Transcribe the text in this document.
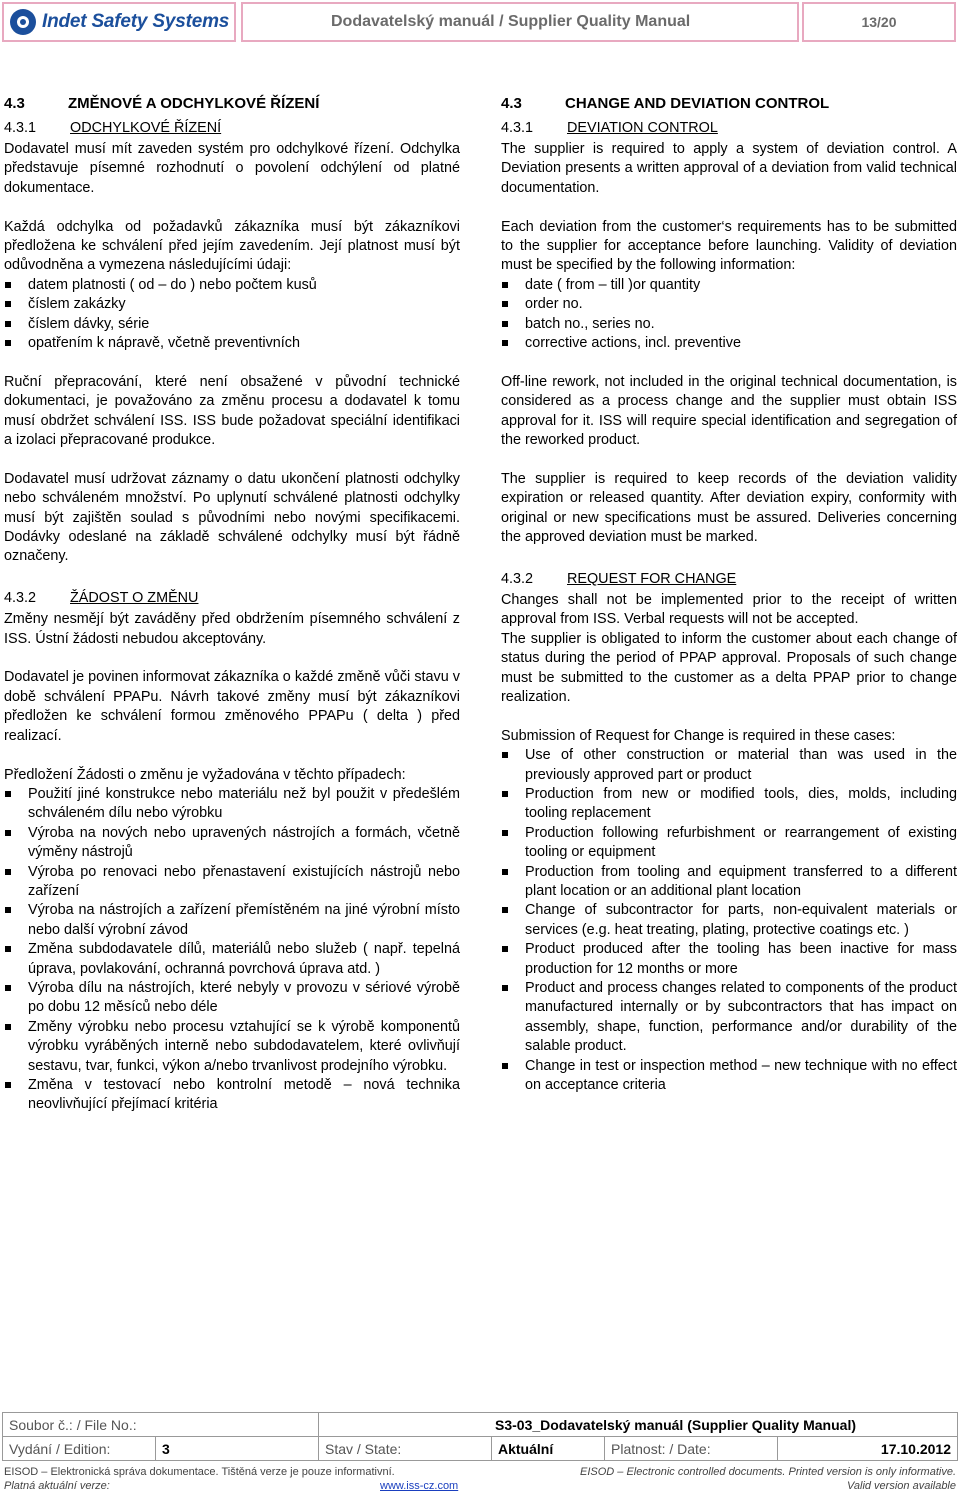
Indet Safety Systems	Dodavatelský manuál / Supplier Quality Manual	13/20
4.3	ZMĚNOVÉ A ODCHYLKOVÉ ŘÍZENÍ
4.3.1 ODCHYLKOVÉ ŘÍZENÍ

Dodavatel musí mít zaveden systém pro odchylkové řízení. Odchylka představuje písemné rozhodnutí o povolení odchýlení od platné dokumentace.

Každá odchylka od požadavků zákazníka musí být zákazníkovi předložena ke schválení před jejím zavedením. Její platnost musí být odůvodněna a vymezena následujícími údaji:

datem platnosti ( od – do ) nebo počtem kusů
číslem zakázky
číslem dávky, série
opatřením k nápravě, včetně preventivních

Ruční přepracování, které není obsažené v původní technické dokumentaci, je považováno za změnu procesu a dodavatel k tomu musí obdržet schválení ISS. ISS bude požadovat speciální identifikaci a izolaci přepracované produkce.

Dodavatel musí udržovat záznamy o datu ukončení platnosti odchylky nebo schváleném množství. Po uplynutí schválené platnosti odchylky musí být zajištěn soulad s původními nebo novými specifikacemi. Dodávky odeslané na základě schválené odchylky musí být řádně označeny.

4.3.2 ŽÁDOST O ZMĚNU

Změny nesmějí být zaváděny před obdržením písemného schválení z ISS. Ústní žádosti nebudou akceptovány.

Dodavatel je povinen informovat zákazníka o každé změně vůči stavu v době schválení PPAPu. Návrh takové změny musí být zákazníkovi předložen ke schválení formou změnového PPAPu ( delta ) před realizací.

Předložení Žádosti o změnu je vyžadována v těchto případech:

Použití jiné konstrukce nebo materiálu než byl použit v předešlém schváleném dílu nebo výrobku
Výroba na nových nebo upravených nástrojích a formách, včetně výměny nástrojů
Výroba po renovaci nebo přenastavení existujících nástrojů nebo zařízení
Výroba na nástrojích a zařízení přemístěném na jiné výrobní místo nebo další výrobní závod
Změna subdodavatele dílů, materiálů nebo služeb ( např. tepelná úprava, povlakování, ochranná povrchová úprava atd. )
Výroba dílu na nástrojích, které nebyly v provozu v sériové výrobě po dobu 12 měsíců nebo déle
Změny výrobku nebo procesu vztahující se k výrobě komponentů výrobku vyráběných interně nebo subdodavatelem, které ovlivňují sestavu, tvar, funkci, výkon a/nebo trvanlivost prodejního výrobku.
Změna v testovací nebo kontrolní metodě – nová technika neovlivňující přejímací kritéria
4.3	CHANGE AND DEVIATION CONTROL
4.3.1 DEVIATION CONTROL

The supplier is required to apply a system of deviation control. A Deviation presents a written approval of a deviation from valid technical documentation.

Each deviation from the customer‘s requirements has to be submitted to the supplier for acceptance before launching. Validity of deviation must be specified by the following information:

date ( from – till )or quantity
order no.
batch no., series no.
corrective actions, incl. preventive

Off-line rework, not included in the original technical documentation, is considered as a process change and the supplier must obtain ISS approval for it. ISS will require special identification and segregation of the reworked product.

The supplier is required to keep records of the deviation validity expiration or released quantity. After deviation expiry, conformity with original or new specifications must be assured. Deliveries concerning the approved deviation must be marked.

4.3.2 REQUEST FOR CHANGE

Changes shall not be implemented prior to the receipt of written approval from ISS. Verbal requests will not be accepted.

The supplier is obligated to inform the customer about each change of status during the period of PPAP approval. Proposals of such change must be submitted to the customer as a delta PPAP prior to change realization.

Submission of Request for Change is required in these cases:

Use of other construction or material than was used in the previously approved part or product
Production from new or modified tools, dies, molds, including tooling replacement
Production following refurbishment or rearrangement of existing tooling or equipment
Production from tooling and equipment transferred to a different plant location or an additional plant location
Change of subcontractor for parts, non-equivalent materials or services (e.g. heat treating, plating, protective coatings etc. )
Product produced after the tooling has been inactive for mass production for 12 months or more
Product and process changes related to components of the product manufactured internally or by subcontractors that has impact on assembly, shape, function, performance and/or durability of the salable product.
Change in test or inspection method – new technique with no effect on acceptance criteria
Soubor č.: / File No.:		S3-03_Dodavatelský manuál (Supplier Quality Manual)			
Vydání / Edition:	3	Stav / State:	Aktuální	Platnost: / Date:	17.10.2012
EISOD – Elektronická správa dokumentace. Tištěná verze je pouze informativní.	EISOD – Electronic controlled documents. Printed version is only informative.
Platná aktuální verze:	www.iss-cz.com	Valid version available
